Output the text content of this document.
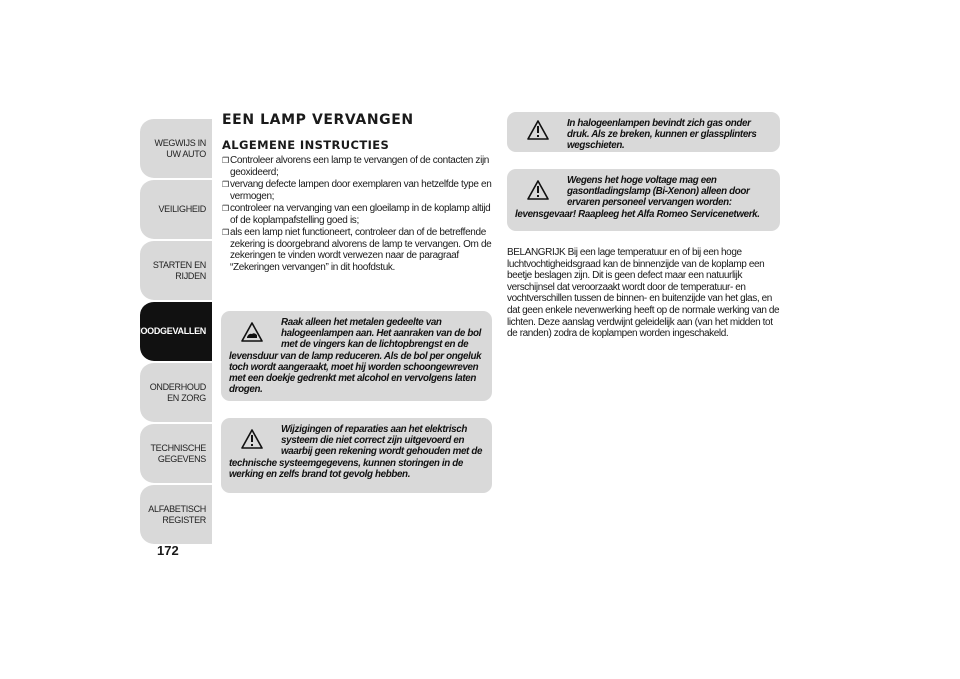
WEGWIJS IN UW AUTO
VEILIGHEID
STARTEN EN RIJDEN
NOODGEVALLEN
ONDERHOUD EN ZORG
TECHNISCHE GEGEVENS
ALFABETISCH REGISTER
172
EEN LAMP VERVANGEN
ALGEMENE INSTRUCTIES
❒ Controleer alvorens een lamp te vervangen of de contacten zijn geoxideerd;
❒ vervang defecte lampen door exemplaren van hetzelfde type en vermogen;
❒ controleer na vervanging van een gloeilamp in de koplamp altijd of de koplampafstelling goed is;
❒ als een lamp niet functioneert, controleer dan of de betreffende zekering is doorgebrand alvorens de lamp te vervangen. Om de zekeringen te vinden wordt verwezen naar de paragraaf “Zekeringen vervangen” in dit hoofdstuk.

Raak alleen het metalen gedeelte van halogeenlampen aan. Het aanraken van de bol met de vingers kan de lichtopbrengst en de levensduur van de lamp reduceren. Als de bol per ongeluk toch wordt aangeraakt, moet hij worden schoongewreven met een doekje gedrenkt met alcohol en vervolgens laten drogen.

Wijzigingen of reparaties aan het elektrisch systeem die niet correct zijn uitgevoerd en waarbij geen rekening wordt gehouden met de technische systeemgegevens, kunnen storingen in de werking en zelfs brand tot gevolg hebben.

In halogeenlampen bevindt zich gas onder druk. Als ze breken, kunnen er glassplinters wegschieten.

Wegens het hoge voltage mag een gasontladingslamp (Bi-Xenon) alleen door ervaren personeel vervangen worden: levensgevaar! Raapleeg het Alfa Romeo Servicenetwerk.

BELANGRIJK Bij een lage temperatuur en of bij een hoge luchtvochtigheidsgraad kan de binnenzijde van de koplamp een beetje beslagen zijn. Dit is geen defect maar een natuurlijk verschijnsel dat veroorzaakt wordt door de temperatuur- en vochtverschillen tussen de binnen- en buitenzijde van het glas, en dat geen enkele nevenwerking heeft op de normale werking van de lichten. Deze aanslag verdwijnt geleidelijk aan (van het midden tot de randen) zodra de koplampen worden ingeschakeld.
